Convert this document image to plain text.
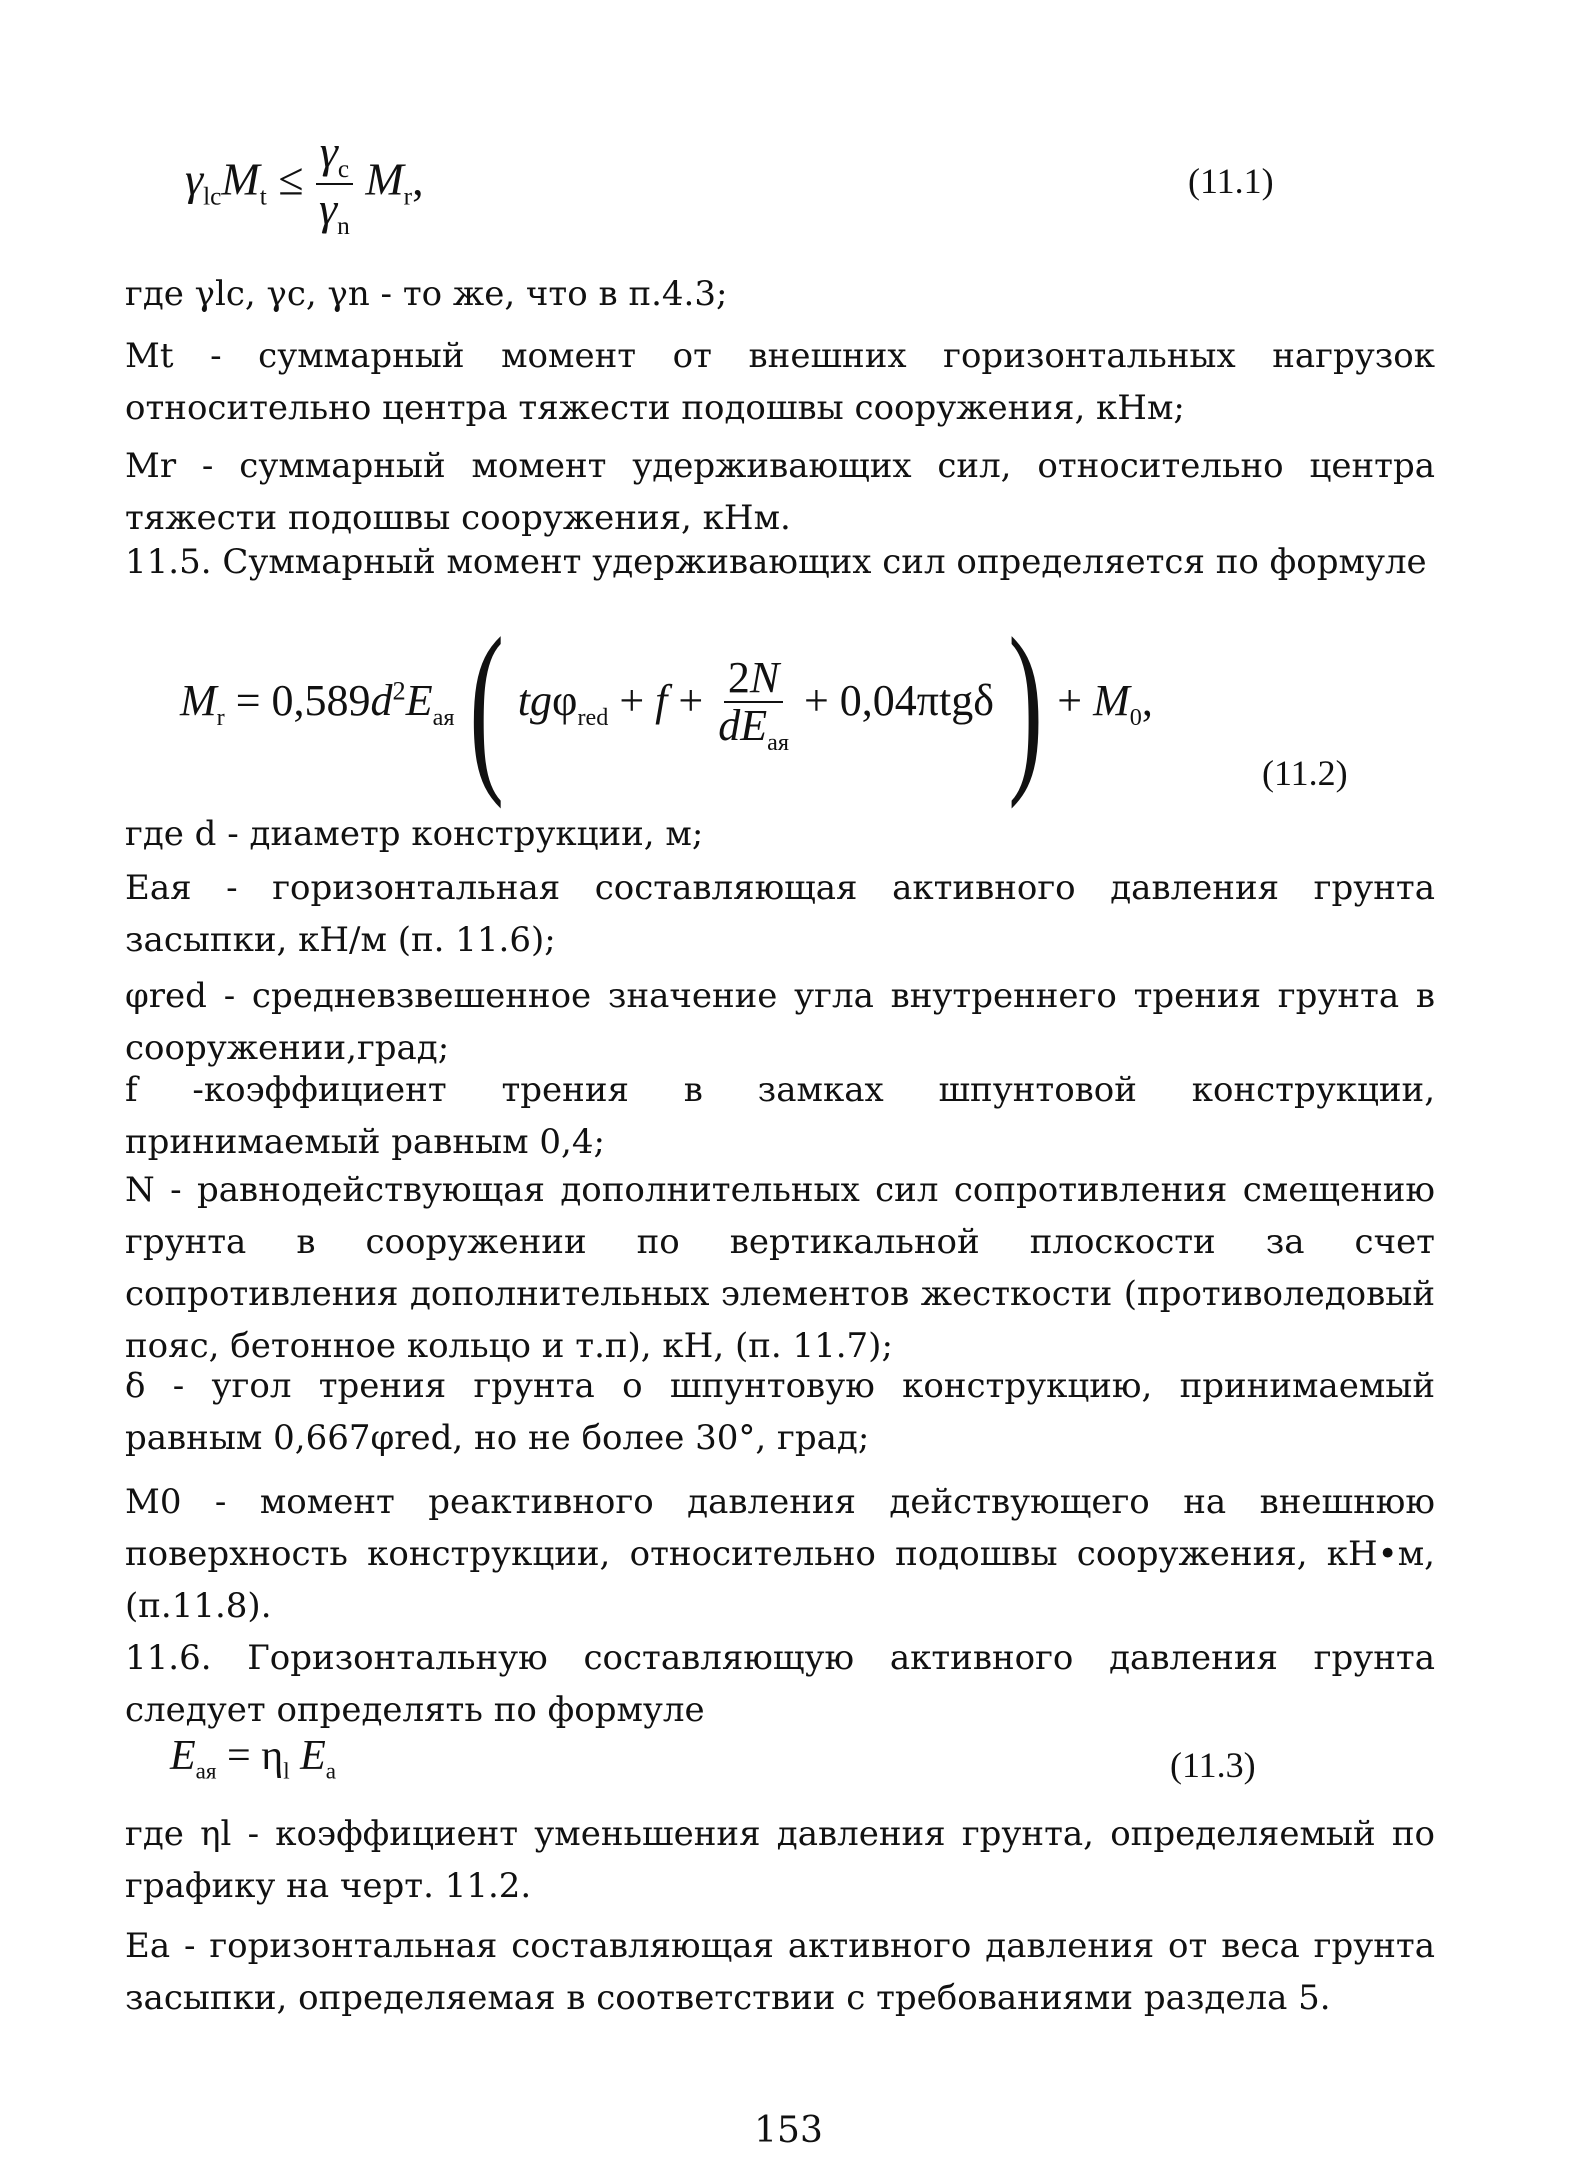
$\gamma_{lc}M_t \le \frac{\gamma_c}{\gamma_n} M_r$,	(11.1)
где γlc, γc, γn - то же, что в п.4.3;
Mt - суммарный момент от внешних горизонтальных нагрузок относительно центра тяжести подошвы сооружения, кНм;
Mr - суммарный момент удерживающих сил, относительно центра тяжести подошвы сооружения, кНм.
11.5. Суммарный момент удерживающих сил определяется по формуле
$M_r = 0,589d^2E_{aя}$( $tg\varphi_{red} + f + \frac{2N}{dE_{aя}} + 0,04\pi tg\delta) + M_0$,
(11.2)
где d - диаметр конструкции, м;
Eaя - горизонтальная составляющая активного давления грунта засыпки, кН/м (п. 11.6);
φred - средневзвешенное значение угла внутреннего трения грунта в сооружении,град;
f -коэффициент трения в замках шпунтовой конструкции, принимаемый равным 0,4;
N - равнодействующая дополнительных сил сопротивления смещению грунта в сооружении по вертикальной плоскости за счет сопротивления дополнительных элементов жесткости (противоледовый пояс, бетонное кольцо и т.п), кН, (п. 11.7);
δ - угол трения грунта о шпунтовую конструкцию, принимаемый равным 0,667φred, но не более 30°, град;
M0 - момент реактивного давления действующего на внешнюю поверхность конструкции, относительно подошвы сооружения, кН•м, (п.11.8).
11.6. Горизонтальную составляющую активного давления грунта следует определять по формуле
$E_{aя} = \eta_l$ $E_a$	(11.3)
где ηl - коэффициент уменьшения давления грунта, определяемый по графику на черт. 11.2.
Ea - горизонтальная составляющая активного давления от веса грунта засыпки, определяемая в соответствии с требованиями раздела 5.
153
